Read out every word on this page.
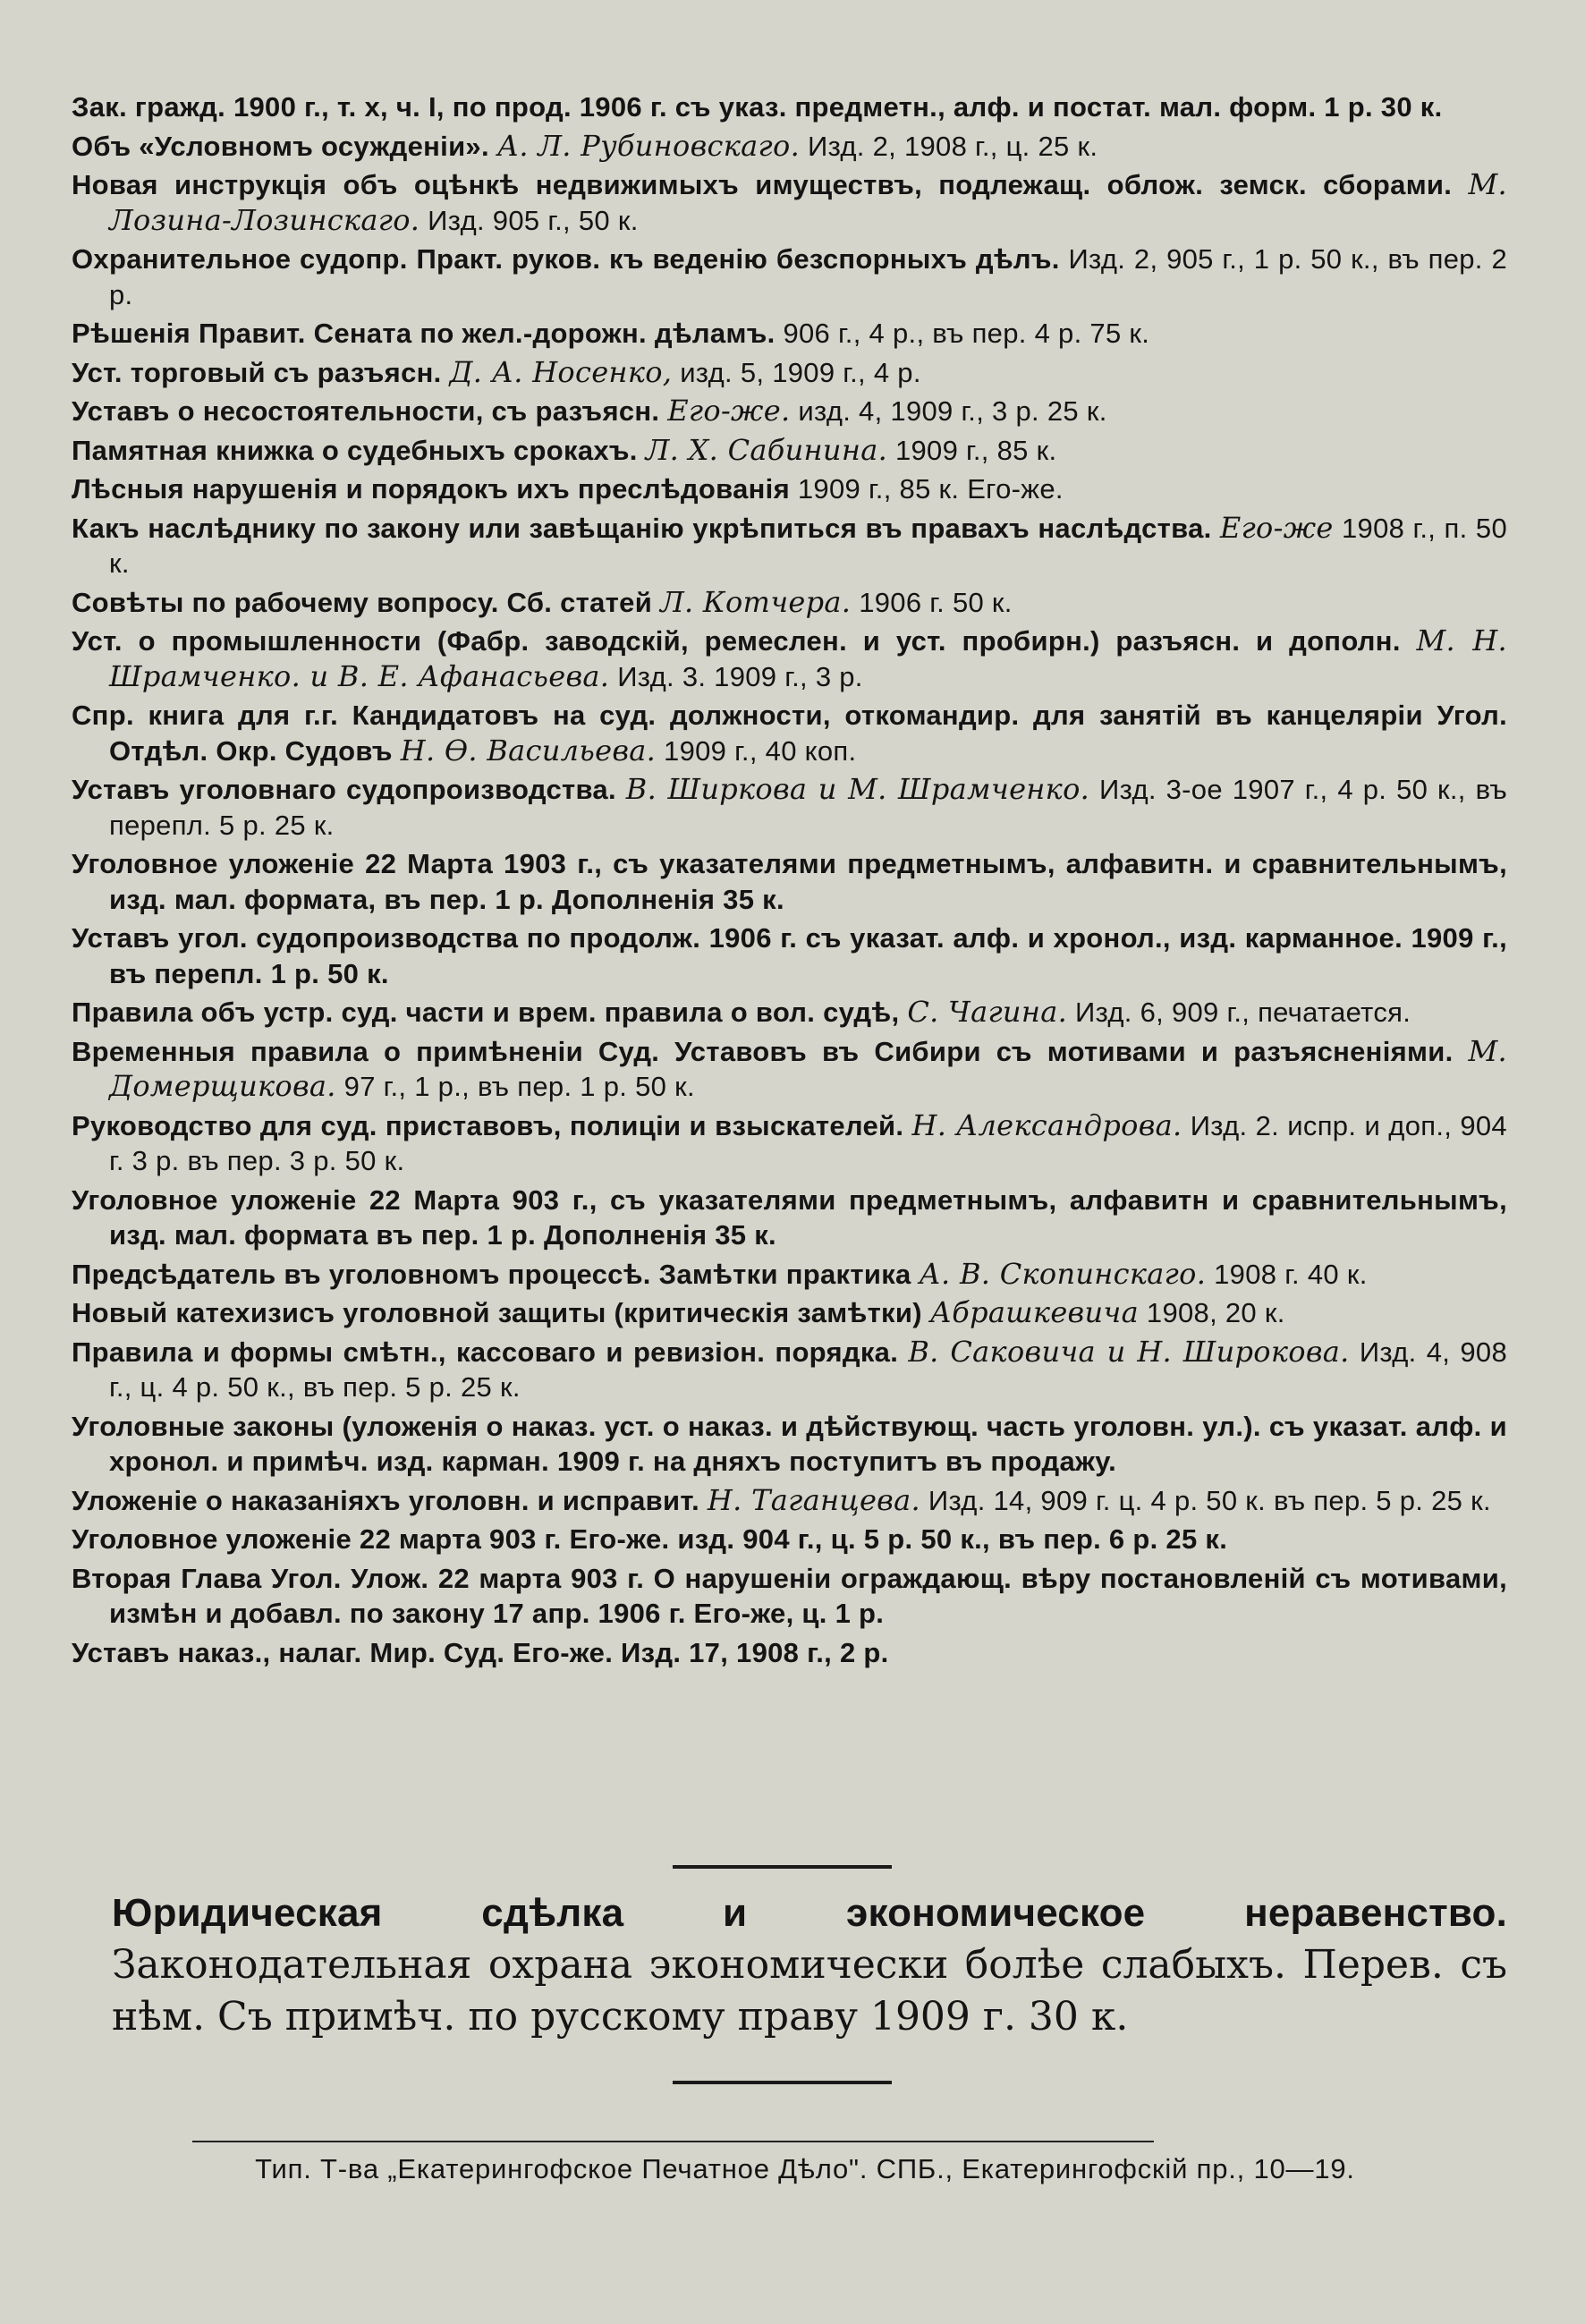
Зак. гражд. 1900 г., т. х, ч. I, по прод. 1906 г. съ указ. предметн., алф. и постат. мал. форм. 1 р. 30 к.

Объ «Условномъ осужденіи». А. Л. Рубиновскаго. Изд. 2, 1908 г., ц. 25 к.

Новая инструкція объ оцѣнкѣ недвижимыхъ имуществъ, подлежащ. облож. земск. сборами. М. Лозина-Лозинскаго. Изд. 905 г., 50 к.

Охранительное судопр. Практ. руков. къ веденію безспорныхъ дѣлъ. Изд. 2, 905 г., 1 р. 50 к., въ пер. 2 р.

Рѣшенія Правит. Сената по жел.-дорожн. дѣламъ. 906 г., 4 р., въ пер. 4 р. 75 к.

Уст. торговый съ разъясн. Д. А. Носенко, изд. 5, 1909 г., 4 р.

Уставъ о несостоятельности, съ разъясн. Его-же. изд. 4, 1909 г., 3 р. 25 к.

Памятная книжка о судебныхъ срокахъ. Л. Х. Сабинина. 1909 г., 85 к.

Лѣсныя нарушенія и порядокъ ихъ преслѣдованія 1909 г., 85 к. Его-же.

Какъ наслѣднику по закону или завѣщанію укрѣпиться въ правахъ наслѣдства. Его-же 1908 г., п. 50 к.

Совѣты по рабочему вопросу. Сб. статей Л. Котчера. 1906 г. 50 к.

Уст. о промышленности (Фабр. заводскій, ремеслен. и уст. пробирн.) разъясн. и дополн. М. Н. Шрамченко. и В. Е. Афанасьева. Изд. 3. 1909 г., 3 р.

Спр. книга для г.г. Кандидатовъ на суд. должности, откомандир. для занятій въ канцеляріи Угол. Отдѣл. Окр. Судовъ Н. Ѳ. Васильева. 1909 г., 40 коп.

Уставъ уголовнаго судопроизводства. В. Ширкова и М. Шрамченко. Изд. 3-ое 1907 г., 4 р. 50 к., въ перепл. 5 р. 25 к.

Уголовное уложеніе 22 Марта 1903 г., съ указателями предметнымъ, алфавитн. и сравнительнымъ, изд. мал. формата, въ пер. 1 р. Дополненія 35 к.

Уставъ угол. судопроизводства по продолж. 1906 г. съ указат. алф. и хронол., изд. карманное. 1909 г., въ перепл. 1 р. 50 к.

Правила объ устр. суд. части и врем. правила о вол. судѣ, С. Чагина. Изд. 6, 909 г., печатается.

Временныя правила о примѣненіи Суд. Уставовъ въ Сибири съ мотивами и разъясненіями. М. Домерщикова. 97 г., 1 р., въ пер. 1 р. 50 к.

Руководство для суд. приставовъ, полиціи и взыскателей. Н. Александрова. Изд. 2. испр. и доп., 904 г. 3 р. въ пер. 3 р. 50 к.

Уголовное уложеніе 22 Марта 903 г., съ указателями предметнымъ, алфавитн и сравнительнымъ, изд. мал. формата въ пер. 1 р. Дополненія 35 к.

Предсѣдатель въ уголовномъ процессѣ. Замѣтки практика А. В. Скопинскаго. 1908 г. 40 к.

Новый катехизисъ уголовной защиты (критическія замѣтки) Абрашкевича 1908, 20 к.

Правила и формы смѣтн., кассоваго и ревизіон. порядка. В. Саковича и Н. Широкова. Изд. 4, 908 г., ц. 4 р. 50 к., въ пер. 5 р. 25 к.

Уголовные законы (уложенія о наказ. уст. о наказ. и дѣйствующ. часть уголовн. ул.). съ указат. алф. и хронол. и примѣч. изд. карман. 1909 г. на дняхъ поступитъ въ продажу.

Уложеніе о наказаніяхъ уголовн. и исправит. Н. Таганцева. Изд. 14, 909 г. ц. 4 р. 50 к. въ пер. 5 р. 25 к.

Уголовное уложеніе 22 марта 903 г. Его-же. изд. 904 г., ц. 5 р. 50 к., въ пер. 6 р. 25 к.

Вторая Глава Угол. Улож. 22 марта 903 г. О нарушеніи ограждающ. вѣру постановленій съ мотивами, измѣн и добавл. по закону 17 апр. 1906 г. Его-же, ц. 1 р.

Уставъ наказ., налаг. Мир. Суд. Его-же. Изд. 17, 1908 г., 2 р.

Юридическая сдѣлка и экономическое неравенство. Законодательная охрана экономически болѣе слабыхъ. Перев. съ нѣм. Съ примѣч. по русскому праву 1909 г. 30 к.
Тип. Т-ва „Екатерингофское Печатное Дѣло". СПБ., Екатерингофскій пр., 10—19.
